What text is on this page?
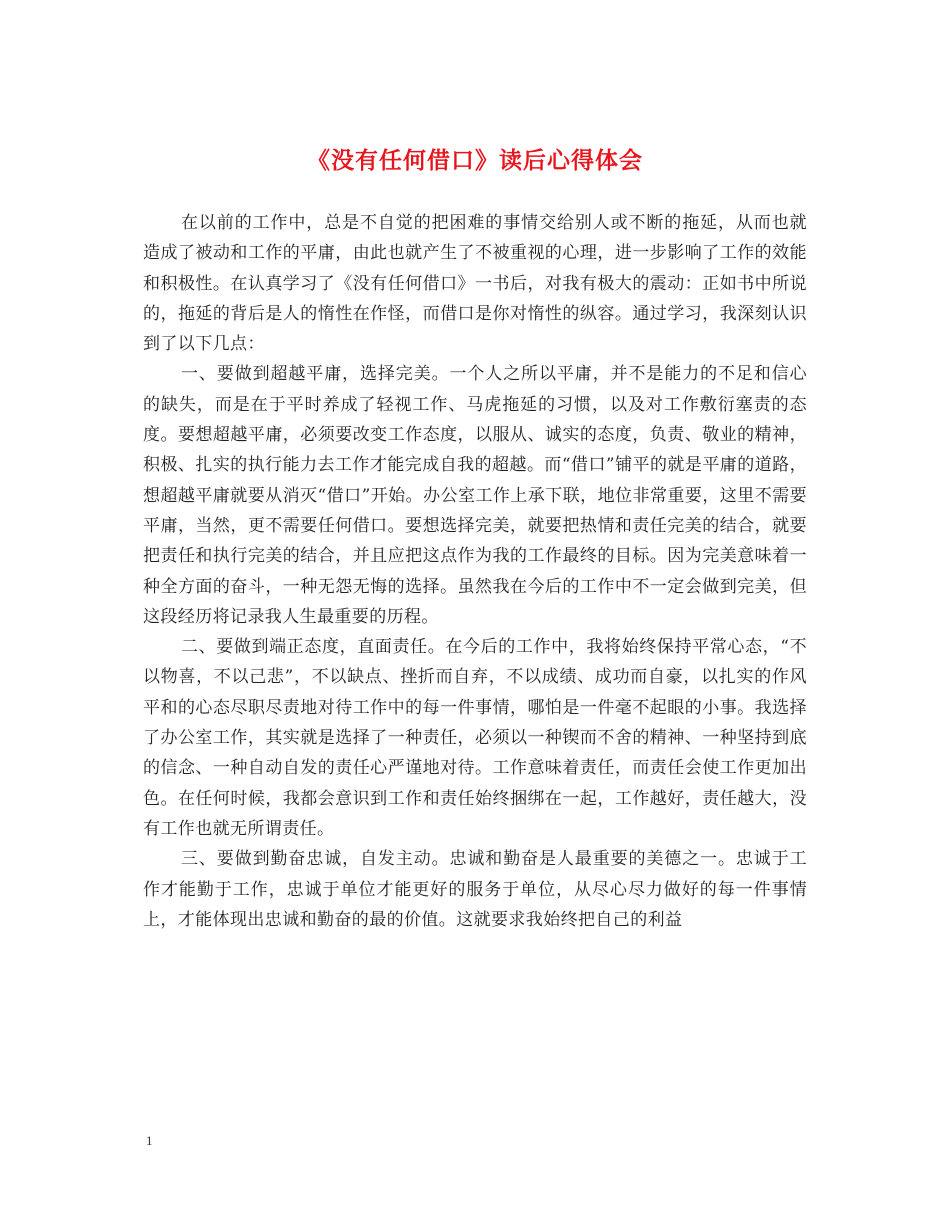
《没有任何借口》读后心得体会

在以前的工作中，总是不自觉的把困难的事情交给别人或不断的拖延，从而也就造成了被动和工作的平庸，由此也就产生了不被重视的心理，进一步影响了工作的效能和积极性。在认真学习了《没有任何借口》一书后，对我有极大的震动：正如书中所说的，拖延的背后是人的惰性在作怪，而借口是你对惰性的纵容。通过学习，我深刻认识到了以下几点：

一、要做到超越平庸，选择完美。一个人之所以平庸，并不是能力的不足和信心的缺失，而是在于平时养成了轻视工作、马虎拖延的习惯，以及对工作敷衍塞责的态度。要想超越平庸，必须要改变工作态度，以服从、诚实的态度，负责、敬业的精神，积极、扎实的执行能力去工作才能完成自我的超越。而“借口”铺平的就是平庸的道路，想超越平庸就要从消灭“借口”开始。办公室工作上承下联，地位非常重要，这里不需要平庸，当然，更不需要任何借口。要想选择完美，就要把热情和责任完美的结合，就要把责任和执行完美的结合，并且应把这点作为我的工作最终的目标。因为完美意味着一种全方面的奋斗，一种无怨无悔的选择。虽然我在今后的工作中不一定会做到完美，但这段经历将记录我人生最重要的历程。

二、要做到端正态度，直面责任。在今后的工作中，我将始终保持平常心态，“不以物喜，不以己悲”，不以缺点、挫折而自弃，不以成绩、成功而自豪，以扎实的作风平和的心态尽职尽责地对待工作中的每一件事情，哪怕是一件毫不起眼的小事。我选择了办公室工作，其实就是选择了一种责任，必须以一种锲而不舍的精神、一种坚持到底的信念、一种自动自发的责任心严谨地对待。工作意味着责任，而责任会使工作更加出色。在任何时候，我都会意识到工作和责任始终捆绑在一起，工作越好，责任越大，没有工作也就无所谓责任。

三、要做到勤奋忠诚，自发主动。忠诚和勤奋是人最重要的美德之一。忠诚于工作才能勤于工作，忠诚于单位才能更好的服务于单位，从尽心尽力做好的每一件事情上，才能体现出忠诚和勤奋的最的价值。这就要求我始终把自己的利益

1
